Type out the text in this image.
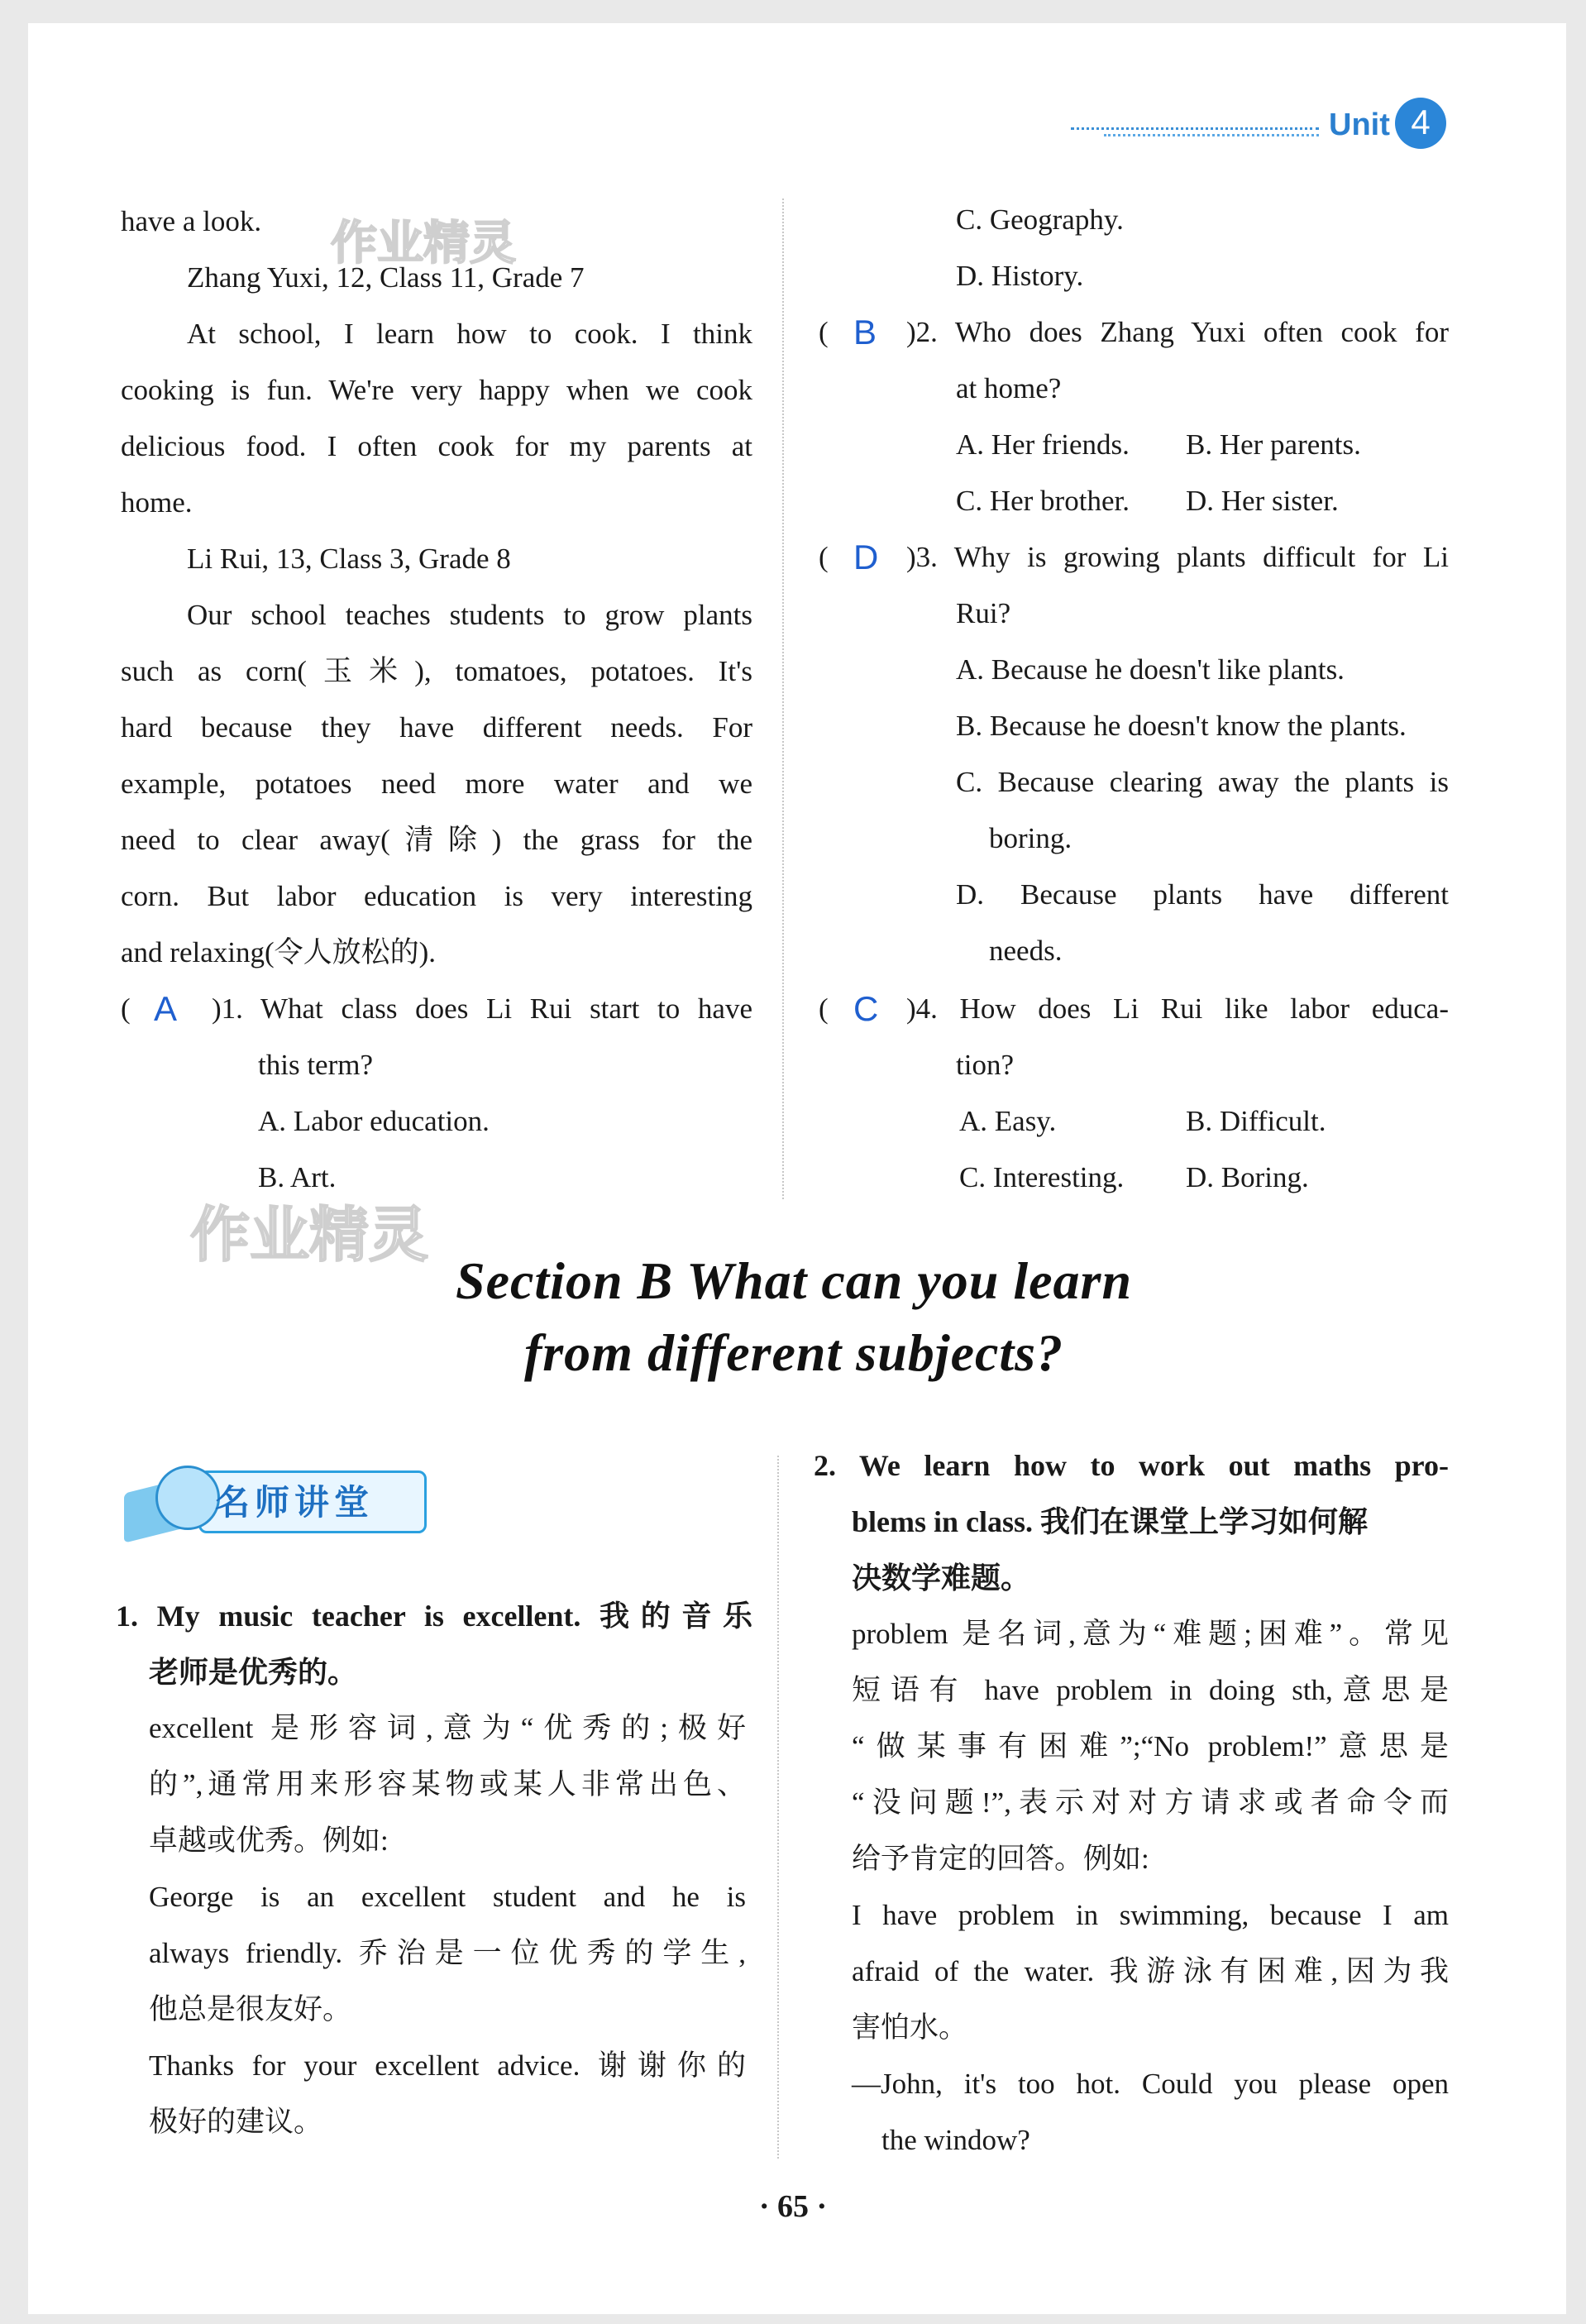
Unit 4
作业精灵
作业精灵
have a look.
Zhang Yuxi, 12, Class 11, Grade 7
At school, I learn how to cook. I think
cooking is fun. We're very happy when we cook
delicious food. I often cook for my parents at
home.
Li Rui, 13, Class 3, Grade 8
Our school teaches students to grow plants
such as corn(玉米), tomatoes, potatoes. It's
hard because they have different needs. For
example, potatoes need more water and we
need to clear away(清除) the grass for the
corn. But labor education is very interesting
and relaxing(令人放松的).
( A )1. What class does Li Rui start to have
this term?
A. Labor education.
B. Art.
C. Geography.
D. History.
( B )2. Who does Zhang Yuxi often cook for
at home?
A. Her friends. B. Her parents.
C. Her brother. D. Her sister.
( D )3. Why is growing plants difficult for Li
Rui?
A. Because he doesn't like plants.
B. Because he doesn't know the plants.
C. Because clearing away the plants is
boring.
D. Because plants have different
needs.
( C )4. How does Li Rui like labor educa-
tion?
A. Easy.	B. Difficult.
C. Interesting. D. Boring.
Section B What can you learn
from different subjects?
名师讲堂
1. My music teacher is excellent. 我的音乐
老师是优秀的。
excellent 是形容词,意为“优秀的;极好
的”,通常用来形容某物或某人非常出色、
卓越或优秀。例如:
George is an excellent student and he is
always friendly. 乔治是一位优秀的学生,
他总是很友好。
Thanks for your excellent advice. 谢谢你的
极好的建议。
2. We learn how to work out maths pro-
blems in class. 我们在课堂上学习如何解
决数学难题。
problem 是名词,意为“难题;困难”。常见
短语有 have problem in doing sth,意思是
“做某事有困难”;“No problem!”意思是
“没问题!”,表示对对方请求或者命令而
给予肯定的回答。例如:
I have problem in swimming, because I am
afraid of the water. 我游泳有困难,因为我
害怕水。
—John, it's too hot. Could you please open
the window?
· 65 ·
